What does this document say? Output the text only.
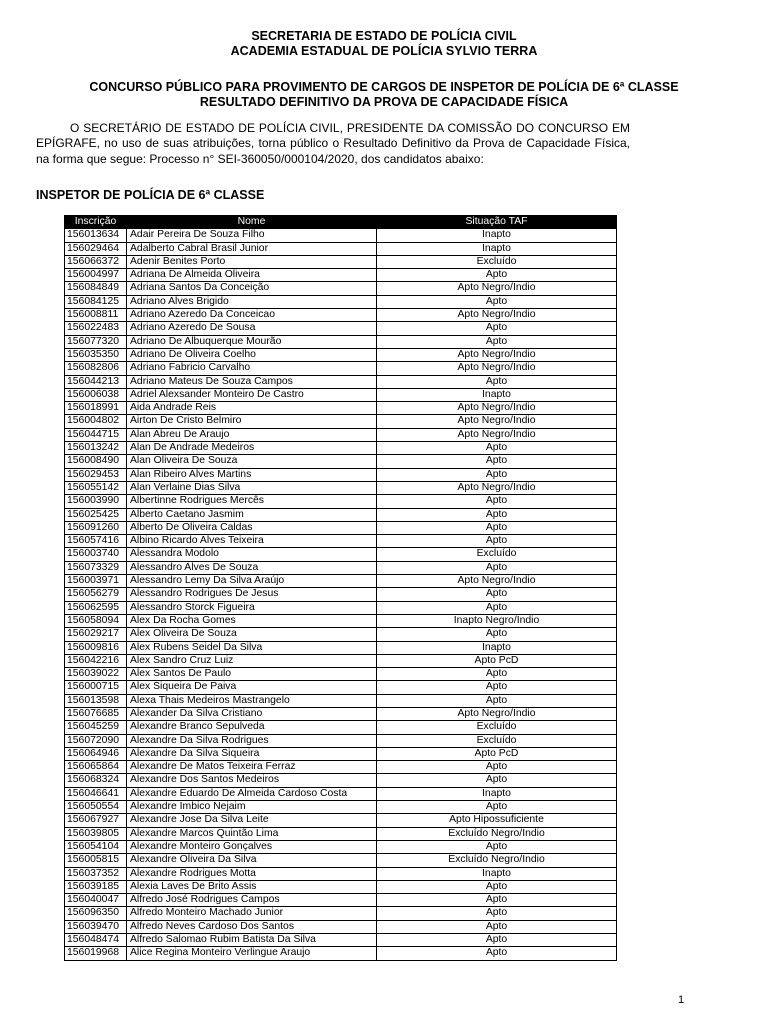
SECRETARIA DE ESTADO DE POLÍCIA CIVIL
ACADEMIA ESTADUAL DE POLÍCIA SYLVIO TERRA
CONCURSO PÚBLICO PARA PROVIMENTO DE CARGOS DE INSPETOR DE POLÍCIA DE 6ª CLASSE
RESULTADO DEFINITIVO DA PROVA DE CAPACIDADE FÍSICA
O SECRETÁRIO DE ESTADO DE POLÍCIA CIVIL, PRESIDENTE DA COMISSÃO DO CONCURSO EM EPÍGRAFE, no uso de suas atribuições, torna público o Resultado Definitivo da Prova de Capacidade Física, na forma que segue: Processo n° SEI-360050/000104/2020, dos candidatos abaixo:
INSPETOR DE POLÍCIA DE 6ª CLASSE
Inscrição	Nome	Situação TAF
156013634	Adair Pereira De Souza Filho	Inapto
156029464	Adalberto Cabral Brasil Junior	Inapto
156066372	Adenir Benites Porto	Excluído
156004997	Adriana De Almeida Oliveira	Apto
156084849	Adriana Santos Da Conceição	Apto Negro/Indio
156084125	Adriano Alves Brigido	Apto
156008811	Adriano Azeredo Da Conceicao	Apto Negro/Indio
156022483	Adriano Azeredo De Sousa	Apto
156077320	Adriano De Albuquerque Mourão	Apto
156035350	Adriano De Oliveira Coelho	Apto Negro/Indio
156082806	Adriano Fabricio Carvalho	Apto Negro/Indio
156044213	Adriano Mateus De Souza Campos	Apto
156006038	Adriel Alexsander Monteiro De Castro	Inapto
156018991	Aida Andrade Reis	Apto Negro/Indio
156004802	Airton De Cristo Belmiro	Apto Negro/Indio
156044715	Alan Abreu De Araujo	Apto Negro/Indio
156013242	Alan De Andrade Medeiros	Apto
156008490	Alan Oliveira De Souza	Apto
156029453	Alan Ribeiro Alves Martins	Apto
156055142	Alan Verlaine Dias Silva	Apto Negro/Indio
156003990	Albertinne Rodrigues Mercês	Apto
156025425	Alberto Caetano Jasmim	Apto
156091260	Alberto De Oliveira Caldas	Apto
156057416	Albino Ricardo Alves Teixeira	Apto
156003740	Alessandra Modolo	Excluído
156073329	Alessandro Alves De Souza	Apto
156003971	Alessandro Lemy Da Silva Araújo	Apto Negro/Indio
156056279	Alessandro Rodrigues De Jesus	Apto
156062595	Alessandro Storck Figueira	Apto
156058094	Alex Da Rocha Gomes	Inapto Negro/Indio
156029217	Alex Oliveira De Souza	Apto
156009816	Alex Rubens Seidel Da Silva	Inapto
156042216	Alex Sandro Cruz Luiz	Apto PcD
156039022	Alex Santos De Paulo	Apto
156000715	Alex Siqueira De Paiva	Apto
156013598	Alexa Thais Medeiros Mastrangelo	Apto
156076685	Alexander Da Silva Cristiano	Apto Negro/Indio
156045259	Alexandre Branco Sepulveda	Excluído
156072090	Alexandre Da Silva Rodrigues	Excluído
156064946	Alexandre Da Silva Siqueira	Apto PcD
156065864	Alexandre De Matos Teixeira Ferraz	Apto
156068324	Alexandre Dos Santos Medeiros	Apto
156046641	Alexandre Eduardo De Almeida Cardoso Costa	Inapto
156050554	Alexandre Imbico Nejaim	Apto
156067927	Alexandre Jose Da Silva Leite	Apto Hipossuficiente
156039805	Alexandre Marcos Quintão Lima	Excluído Negro/Indio
156054104	Alexandre Monteiro Gonçalves	Apto
156005815	Alexandre Oliveira Da Silva	Excluído Negro/Indio
156037352	Alexandre Rodrigues Motta	Inapto
156039185	Alexia Laves De Brito Assis	Apto
156040047	Alfredo José Rodrigues Campos	Apto
156096350	Alfredo Monteiro Machado Junior	Apto
156039470	Alfredo Neves Cardoso Dos Santos	Apto
156048474	Alfredo Salomao Rubim Batista Da Silva	Apto
156019968	Alice Regina Monteiro Verlingue Araujo	Apto
1
